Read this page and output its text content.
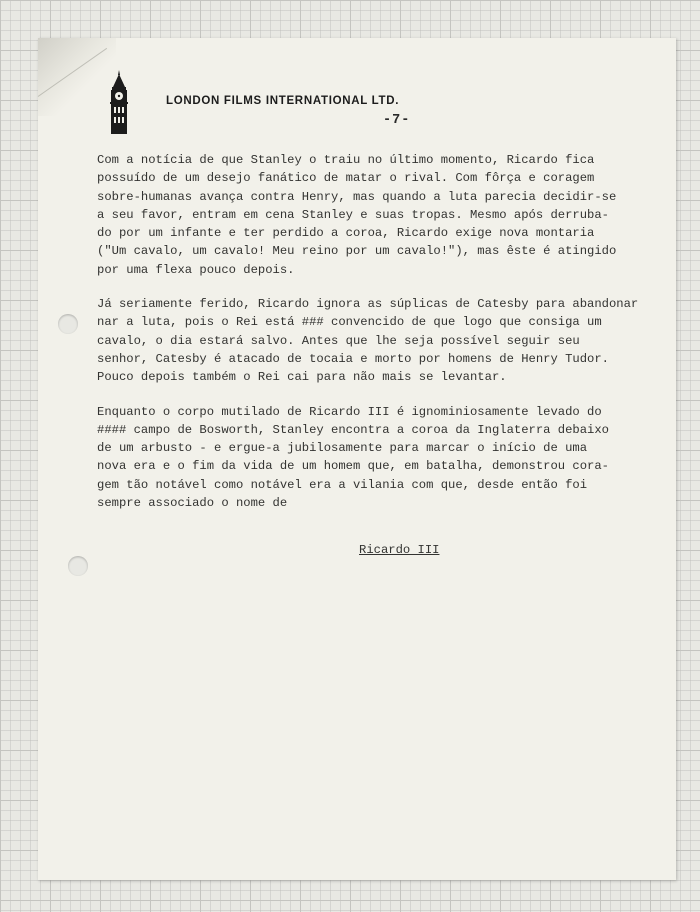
LONDON FILMS INTERNATIONAL LTD.
-7-
Com a notícia de que Stanley o traiu no último momento, Ricardo fica
possuído de um desejo fanático de matar o rival. Com fôrça e coragem
sobre-humanas avança contra Henry, mas quando a luta parecia decidir-se
a seu favor, entram em cena Stanley e suas tropas. Mesmo após derruba-
do por um infante e ter perdido a coroa, Ricardo exige nova montaria
("Um cavalo, um cavalo! Meu reino por um cavalo!"), mas êste é atingido
por uma flexa pouco depois.
Já seriamente ferido, Ricardo ignora as súplicas de Catesby para abandonar
nar a luta, pois o Rei está ### convencido de que logo que consiga um
cavalo, o dia estará salvo. Antes que lhe seja possível seguir seu
senhor, Catesby é atacado de tocaia e morto por homens de Henry Tudor.
Pouco depois também o Rei cai para não mais se levantar.
Enquanto o corpo mutilado de Ricardo III é ignominiosamente levado do
#### campo de Bosworth, Stanley encontra a coroa da Inglaterra debaixo
de um arbusto - e ergue-a jubilosamente para marcar o início de uma
nova era e o fim da vida de um homem que, em batalha, demonstrou cora-
gem tão notável como notável era a vilania com que, desde então foi
sempre associado o nome de
Ricardo III
